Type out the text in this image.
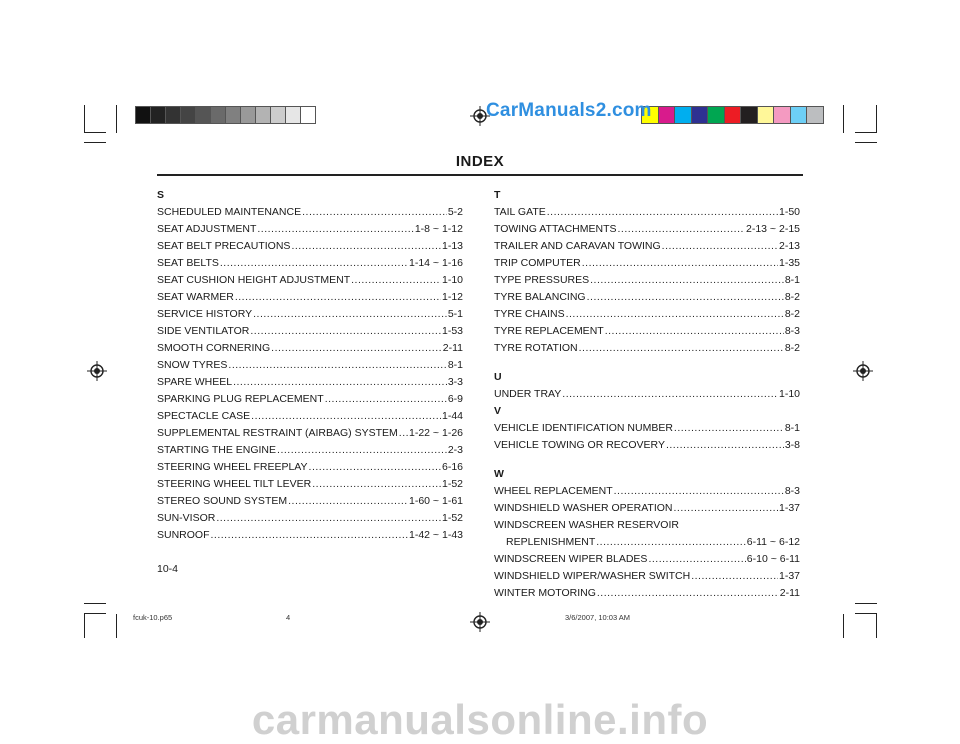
CarManuals2.com
INDEX
S
SCHEDULED MAINTENANCE .....	5-2
SEAT ADJUSTMENT .....	1-8 ~ 1-12
SEAT BELT PRECAUTIONS .....	1-13
SEAT BELTS .....	1-14 ~ 1-16
SEAT CUSHION HEIGHT ADJUSTMENT .....	1-10
SEAT WARMER .....	1-12
SERVICE HISTORY .....	5-1
SIDE VENTILATOR .....	1-53
SMOOTH CORNERING .....	2-11
SNOW TYRES .....	8-1
SPARE WHEEL .....	3-3
SPARKING PLUG REPLACEMENT .....	6-9
SPECTACLE CASE .....	1-44
SUPPLEMENTAL RESTRAINT (AIRBAG) SYSTEM ..... 1-22 ~ 1-26
STARTING THE ENGINE .....	2-3
STEERING WHEEL FREEPLAY .....	6-16
STEERING WHEEL TILT LEVER .....	1-52
STEREO SOUND SYSTEM .....	1-60 ~ 1-61
SUN-VISOR .....	1-52
SUNROOF .....	1-42 ~ 1-43
T
TAIL GATE .....	1-50
TOWING ATTACHMENTS .....	2-13 ~ 2-15
TRAILER AND CARAVAN TOWING .....	2-13
TRIP COMPUTER .....	1-35
TYPE PRESSURES .....	8-1
TYRE BALANCING .....	8-2
TYRE CHAINS .....	8-2
TYRE REPLACEMENT .....	8-3
TYRE ROTATION .....	8-2
U
UNDER TRAY .....	1-10
V
VEHICLE IDENTIFICATION NUMBER .....	8-1
VEHICLE TOWING OR RECOVERY .....	3-8
W
WHEEL REPLACEMENT .....	8-3
WINDSHIELD WASHER OPERATION .....	1-37
WINDSCREEN WASHER RESERVOIR
REPLENISHMENT .....	6-11 ~ 6-12
WINDSCREEN WIPER BLADES .....	6-10 ~ 6-11
WINDSHIELD WIPER/WASHER SWITCH .....	1-37
WINTER MOTORING .....	2-11
10-4
fcuk-10.p65	4	3/6/2007, 10:03 AM
carmanualsonline.info
